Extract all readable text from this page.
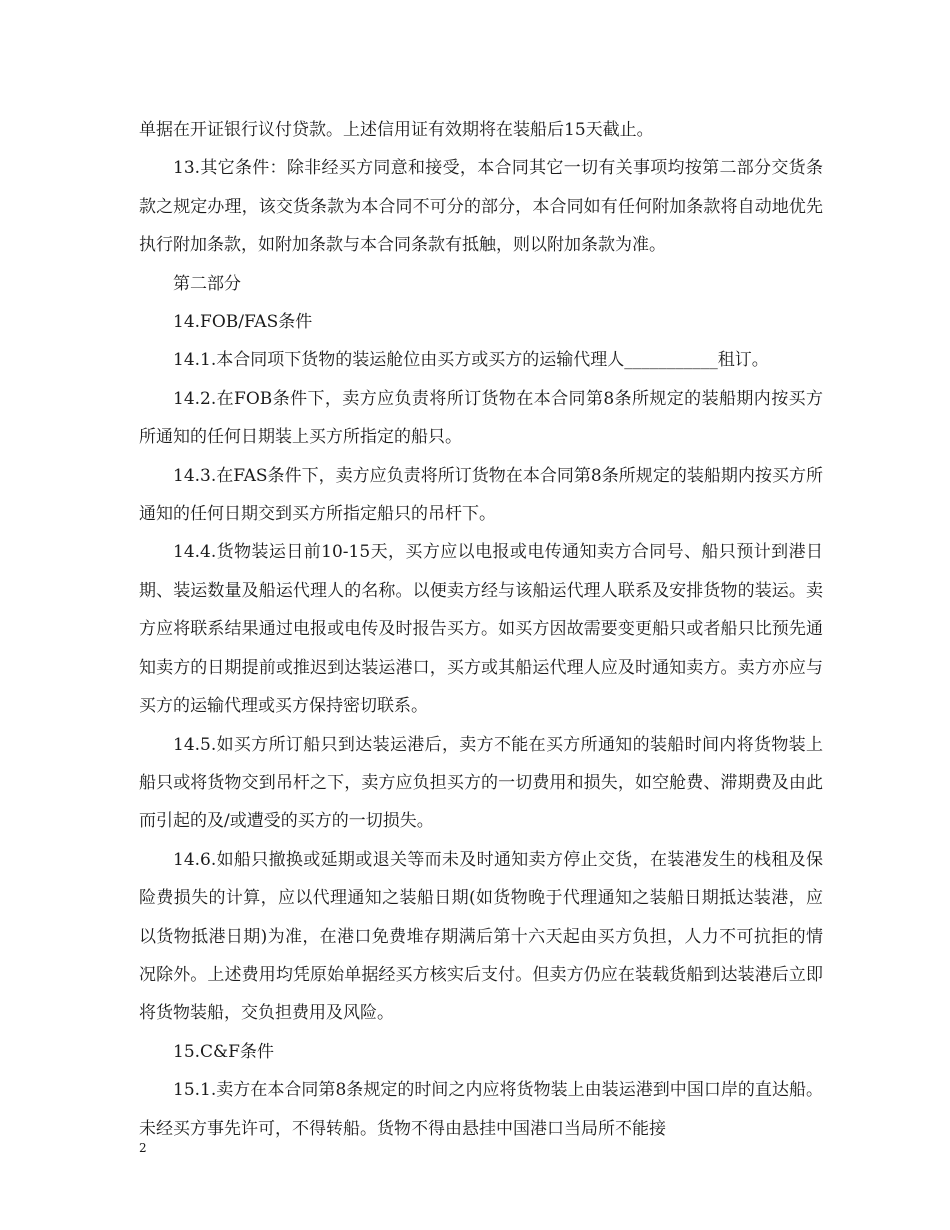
单据在开证银行议付贷款。上述信用证有效期将在装船后15天截止。

13.其它条件：除非经买方同意和接受，本合同其它一切有关事项均按第二部分交货条款之规定办理，该交货条款为本合同不可分的部分，本合同如有任何附加条款将自动地优先执行附加条款，如附加条款与本合同条款有抵触，则以附加条款为准。

第二部分

14.FOB/FAS条件

14.1.本合同项下货物的装运舱位由买方或买方的运输代理人___________租订。

14.2.在FOB条件下，卖方应负责将所订货物在本合同第8条所规定的装船期内按买方所通知的任何日期装上买方所指定的船只。

14.3.在FAS条件下，卖方应负责将所订货物在本合同第8条所规定的装船期内按买方所通知的任何日期交到买方所指定船只的吊杆下。

14.4.货物装运日前10-15天，买方应以电报或电传通知卖方合同号、船只预计到港日期、装运数量及船运代理人的名称。以便卖方经与该船运代理人联系及安排货物的装运。卖方应将联系结果通过电报或电传及时报告买方。如买方因故需要变更船只或者船只比预先通知卖方的日期提前或推迟到达装运港口，买方或其船运代理人应及时通知卖方。卖方亦应与买方的运输代理或买方保持密切联系。

14.5.如买方所订船只到达装运港后，卖方不能在买方所通知的装船时间内将货物装上船只或将货物交到吊杆之下，卖方应负担买方的一切费用和损失，如空舱费、滞期费及由此而引起的及/或遭受的买方的一切损失。

14.6.如船只撤换或延期或退关等而未及时通知卖方停止交货，在装港发生的栈租及保险费损失的计算，应以代理通知之装船日期(如货物晚于代理通知之装船日期抵达装港，应以货物抵港日期)为准，在港口免费堆存期满后第十六天起由买方负担，人力不可抗拒的情况除外。上述费用均凭原始单据经买方核实后支付。但卖方仍应在装载货船到达装港后立即将货物装船，交负担费用及风险。

15.C&F条件

15.1.卖方在本合同第8条规定的时间之内应将货物装上由装运港到中国口岸的直达船。未经买方事先许可，不得转船。货物不得由悬挂中国港口当局所不能接

2
